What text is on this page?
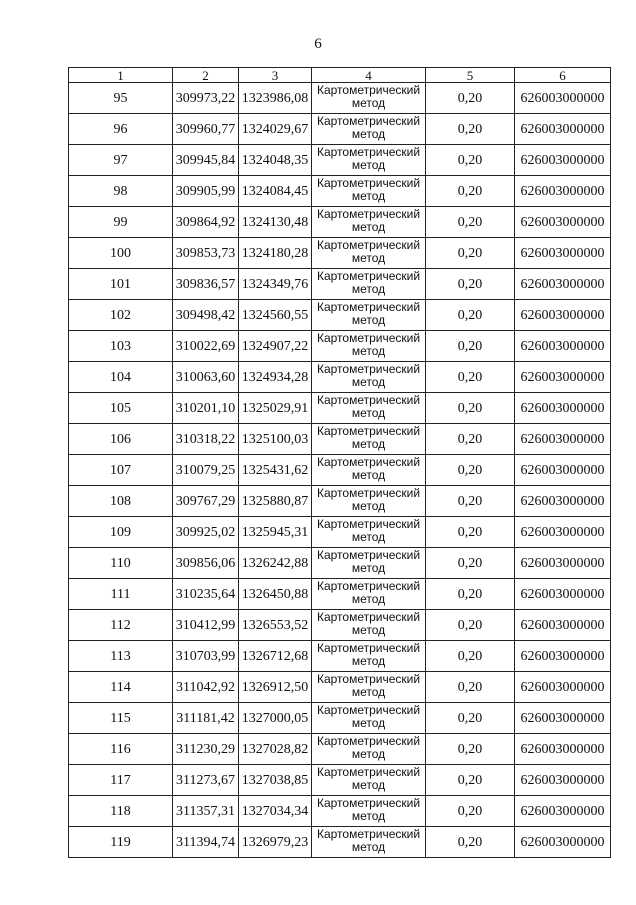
6
1	2	3	4	5	6
95	309973,22	1323986,08	Картометрический метод	0,20	626003000000
96	309960,77	1324029,67	Картометрический метод	0,20	626003000000
97	309945,84	1324048,35	Картометрический метод	0,20	626003000000
98	309905,99	1324084,45	Картометрический метод	0,20	626003000000
99	309864,92	1324130,48	Картометрический метод	0,20	626003000000
100	309853,73	1324180,28	Картометрический метод	0,20	626003000000
101	309836,57	1324349,76	Картометрический метод	0,20	626003000000
102	309498,42	1324560,55	Картометрический метод	0,20	626003000000
103	310022,69	1324907,22	Картометрический метод	0,20	626003000000
104	310063,60	1324934,28	Картометрический метод	0,20	626003000000
105	310201,10	1325029,91	Картометрический метод	0,20	626003000000
106	310318,22	1325100,03	Картометрический метод	0,20	626003000000
107	310079,25	1325431,62	Картометрический метод	0,20	626003000000
108	309767,29	1325880,87	Картометрический метод	0,20	626003000000
109	309925,02	1325945,31	Картометрический метод	0,20	626003000000
110	309856,06	1326242,88	Картометрический метод	0,20	626003000000
111	310235,64	1326450,88	Картометрический метод	0,20	626003000000
112	310412,99	1326553,52	Картометрический метод	0,20	626003000000
113	310703,99	1326712,68	Картометрический метод	0,20	626003000000
114	311042,92	1326912,50	Картометрический метод	0,20	626003000000
115	311181,42	1327000,05	Картометрический метод	0,20	626003000000
116	311230,29	1327028,82	Картометрический метод	0,20	626003000000
117	311273,67	1327038,85	Картометрический метод	0,20	626003000000
118	311357,31	1327034,34	Картометрический метод	0,20	626003000000
119	311394,74	1326979,23	Картометрический метод	0,20	626003000000
